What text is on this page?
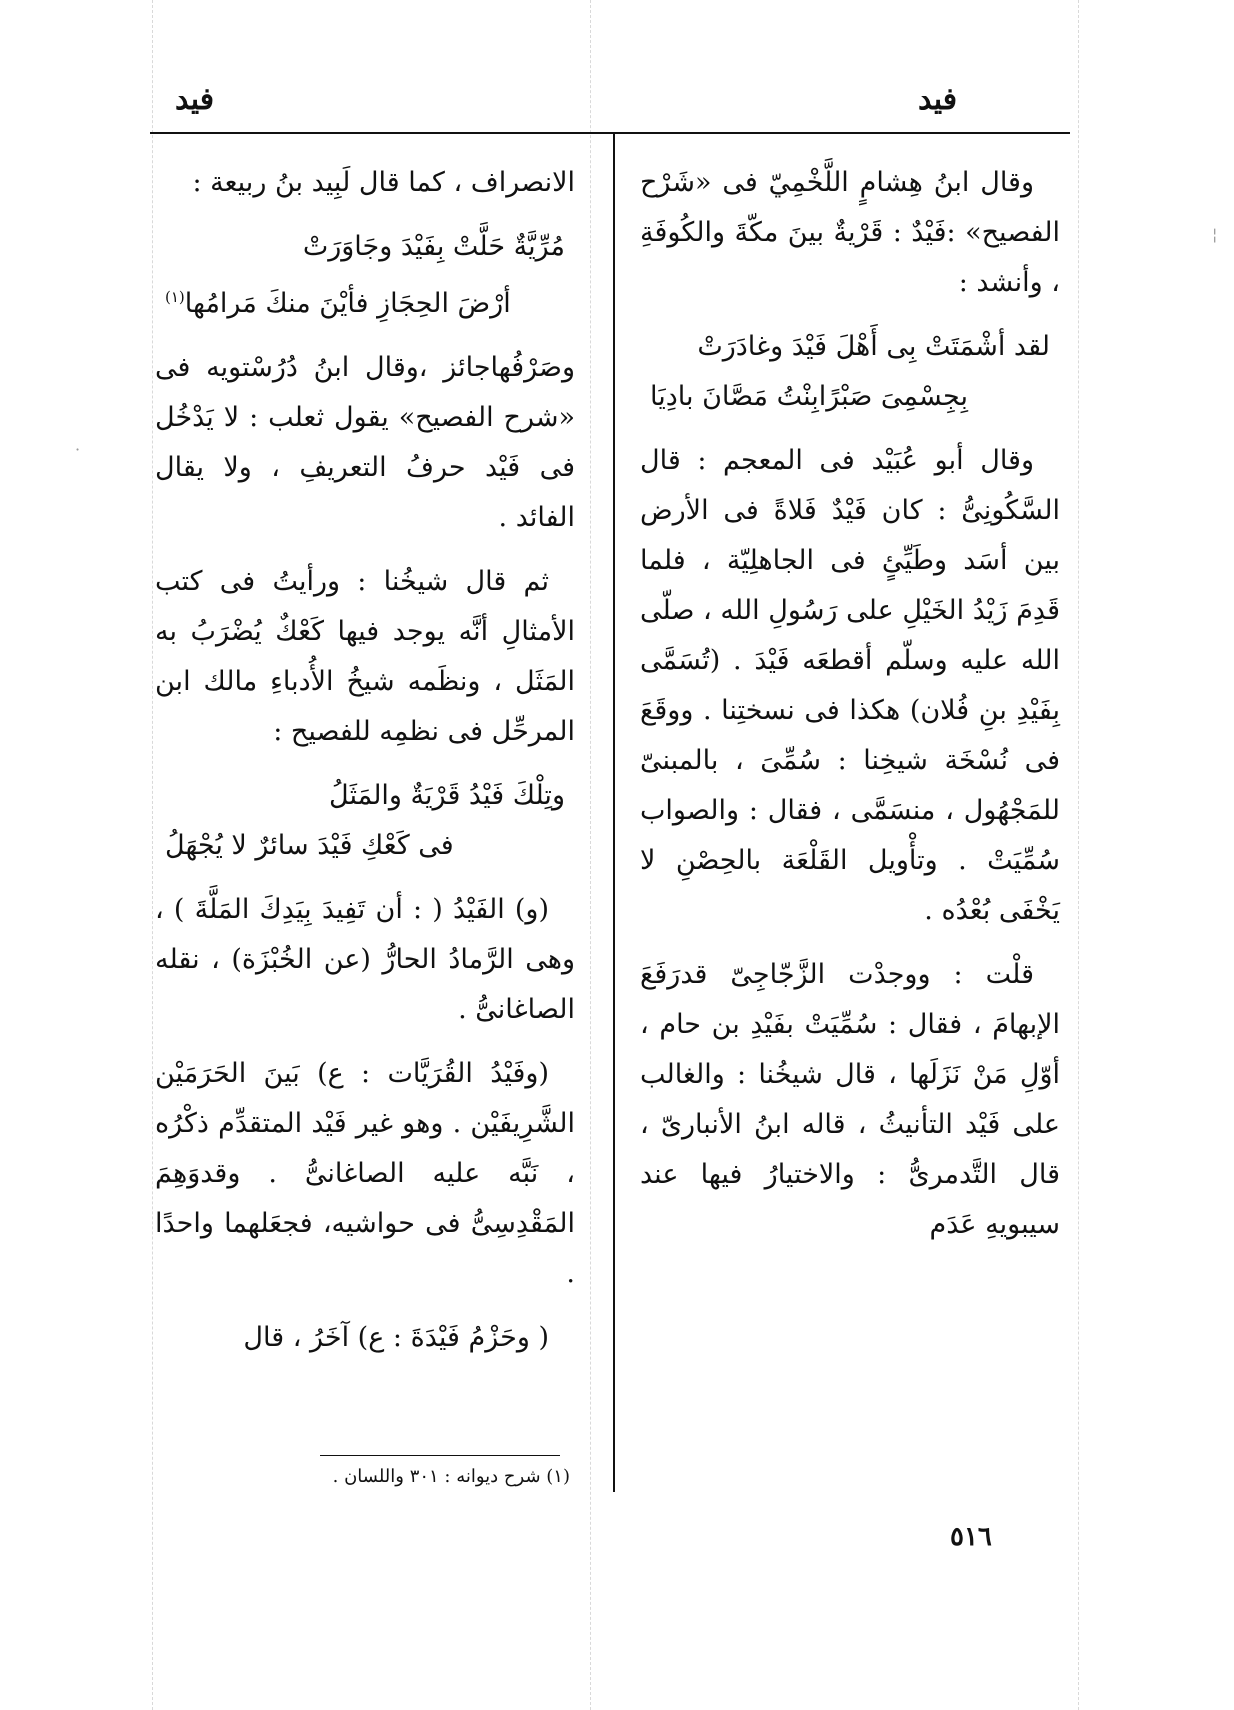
فيد	فيد

وقال ابنُ هِشامٍ اللَّخْمِيّ فى «شَرْح الفصيح» :فَيْدٌ : قَرْيةٌ بينَ مكّةَ والكُوفَةِ ، وأنشد :

لقد أشْمَتَتْ بِى أَهْلَ فَيْدَ وغادَرَتْ
بِجِسْمِىَ صَبْرًابِنْتُ مَصَّانَ بادِيَا

وقال أبو عُبَيْد فى المعجم : قال السَّكُونِىُّ : كان فَيْدٌ فَلاةً فى الأرض بين أسَد وطَيِّئٍ فى الجاهلِيّة ، فلما قَدِمَ زَيْدُ الخَيْلِ على رَسُولِ الله ، صلّى الله عليه وسلّم أقطعَه فَيْدَ . (تُسَمَّى بِفَيْدِ بنِ فُلان) هكذا فى نسختِنا . ووقَعَ فى نُسْخَة شيخِنا : سُمِّىَ ، بالمبنىّ للمَجْهُول ، منسَمَّى ، فقال : والصواب سُمِّيَتْ . وتأْويل القَلْعَة بالحِصْنِ لا يَخْفَى بُعْدُه .

قلْت : ووجدْت الزَّجّاجِىّ قدرَفَعَ الإبهامَ ، فقال : سُمِّيَتْ بفَيْدِ بن حام ، أوّلِ مَنْ نَزَلَها ، قال شيخُنا : والغالب على فَيْد التأنيثُ ، قاله ابنُ الأنبارىّ ، قال التَّدمرىُّ : والاختيارُ فيها عند سيبويهِ عَدَم

الانصراف ، كما قال لَبِيد بنُ ربيعة :

مُرِّيَّةٌ حَلَّتْ بِفَيْدَ وجَاوَرَتْ
أرْضَ الحِجَازِ فأيْنَ منكَ مَرامُها$^{(١)}$

وصَرْفُهاجائز ،وقال ابنُ دُرُسْتويه فى «شرح الفصيح» يقول ثعلب : لا يَدْخُل فى فَيْد حرفُ التعريفِ ، ولا يقال الفائد .

ثم قال شيخُنا : ورأيتُ فى كتب الأمثالِ أنَّه يوجد فيها كَعْكٌ يُضْرَبُ به المَثَل ، ونظَمه شيخُ الأُدباءِ مالك ابن المرحِّل فى نظمِه للفصيح :

وتِلْكَ فَيْدُ قَرْيَةٌ والمَثَلُ
فى كَعْكِ فَيْدَ سائرٌ لا يُجْهَلُ

(و) الفَيْدُ ( : أن تَفِيدَ بِيَدِكَ المَلَّةَ ) ، وهى الرَّمادُ الحارُّ (عن الخُبْزَة) ، نقله الصاغانىُّ .

(وفَيْدُ القُرَيَّات : ع) بَينَ الحَرَمَيْن الشَّرِيفَيْن . وهو غير فَيْد المتقدِّم ذكْرُه ، نَبَّه عليه الصاغانىُّ . وقدوَهِمَ المَقْدِسِىُّ فى حواشيه، فجعَلهما واحدًا .

( وحَزْمُ فَيْدَةَ : ع) آخَرُ ، قال

(١) شرح ديوانه : ٣٠١ واللسان .
٥١٦
¦
·
